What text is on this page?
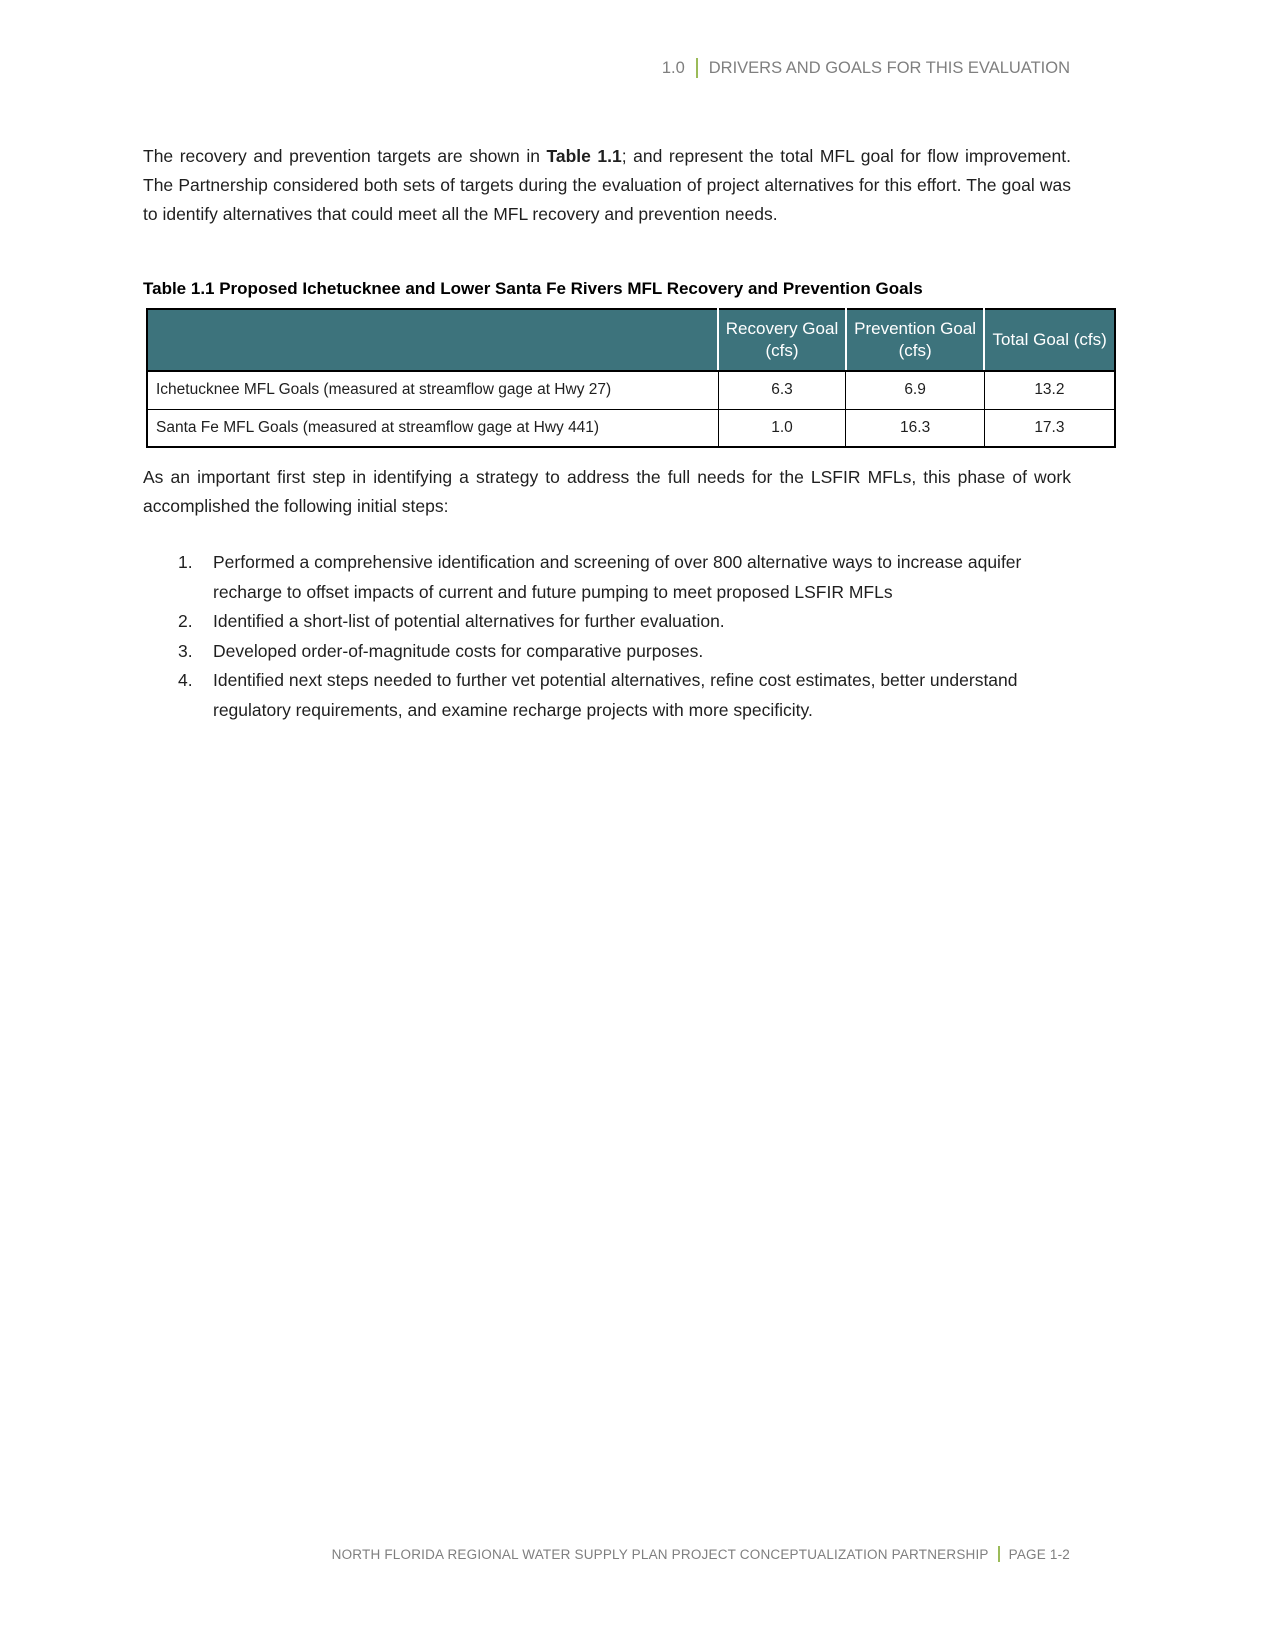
1.0 DRIVERS AND GOALS FOR THIS EVALUATION

The recovery and prevention targets are shown in Table 1.1; and represent the total MFL goal for flow improvement. The Partnership considered both sets of targets during the evaluation of project alternatives for this effort. The goal was to identify alternatives that could meet all the MFL recovery and prevention needs.

Table 1.1 Proposed Ichetucknee and Lower Santa Fe Rivers MFL Recovery and Prevention Goals
	Recovery Goal (cfs)	Prevention Goal (cfs)	Total Goal (cfs)
Ichetucknee MFL Goals (measured at streamflow gage at Hwy 27)	6.3	6.9	13.2
Santa Fe MFL Goals (measured at streamflow gage at Hwy 441)	1.0	16.3	17.3

As an important first step in identifying a strategy to address the full needs for the LSFIR MFLs, this phase of work accomplished the following initial steps:

1.	Performed a comprehensive identification and screening of over 800 alternative ways to increase aquifer recharge to offset impacts of current and future pumping to meet proposed LSFIR MFLs
2.	Identified a short-list of potential alternatives for further evaluation.
3.	Developed order-of-magnitude costs for comparative purposes.
4.	Identified next steps needed to further vet potential alternatives, refine cost estimates, better understand regulatory requirements, and examine recharge projects with more specificity.
NORTH FLORIDA REGIONAL WATER SUPPLY PLAN PROJECT CONCEPTUALIZATION PARTNERSHIP PAGE 1-2
